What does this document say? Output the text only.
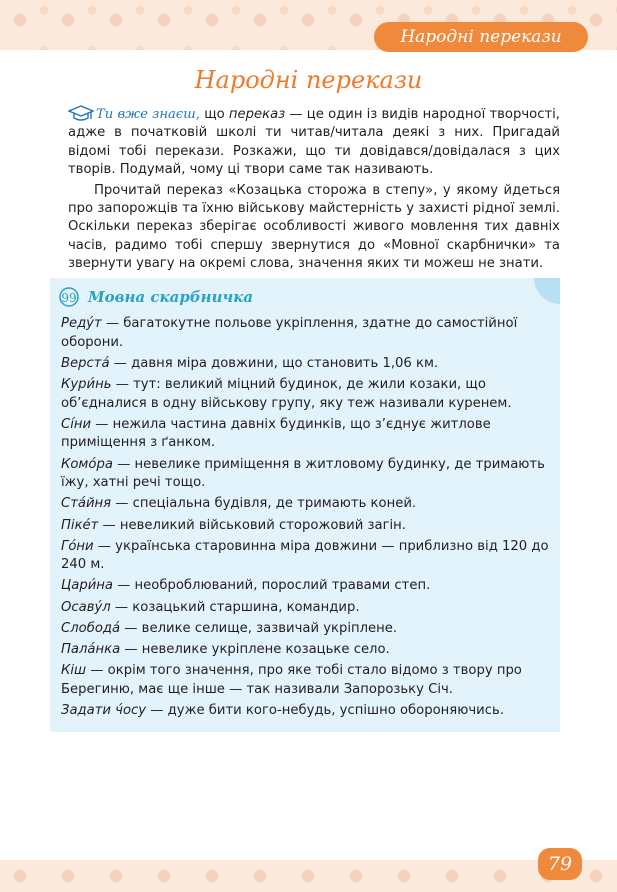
Народні перекази
Народні перекази

Ти вже знаєш, що переказ — це один із видів народної творчості, адже в початковій школі ти читав/читала деякі з них. Пригадай відомі тобі перекази. Розкажи, що ти довідався/довідалася з цих творів. Подумай, чому ці твори саме так називають.

Прочитай переказ «Козацька сторожа в степу», у якому йдеться про запорожців та їхню військову майстерність у захисті рідної землі. Оскільки переказ зберігає особливості живого мовлення тих давніх часів, радимо тобі спершу звернутися до «Мовної скарбнички» та звернути увагу на окремі слова, значення яких ти можеш не знати.

99 Мовна скарбничка

Реду́т — багатокутне польове укріплення, здатне до самостійної оборони.

Верста́ — давня міра довжини, що становить 1,06 км.

Кури́нь — тут: великий міцний будинок, де жили козаки, що об’єдналися в одну військову групу, яку теж називали куренем.

Сі́ни — нежила частина давніх будинків, що з’єднує житлове приміщення з ґанком.

Комо́ра — невелике приміщення в житловому будинку, де тримають їжу, хатні речі тощо.

Ста́йня — спеціальна будівля, де тримають коней.

Піке́т — невеликий військовий сторожовий загін.

Го́ни — українська старовинна міра довжини — приблизно від 120 до 240 м.

Цари́на — необроблюваний, порослий травами степ.

Осаву́л — козацький старшина, командир.

Слобода́ — велике селище, зазвичай укріплене.

Пала́нка — невелике укріплене козацьке село.

Кіш — окрім того значення, про яке тобі стало відомо з твору про Берегиню, має ще інше — так називали Запорозьку Січ.

Задати ч́осу — дуже бити кого-небудь, успішно обороняючись.

79
